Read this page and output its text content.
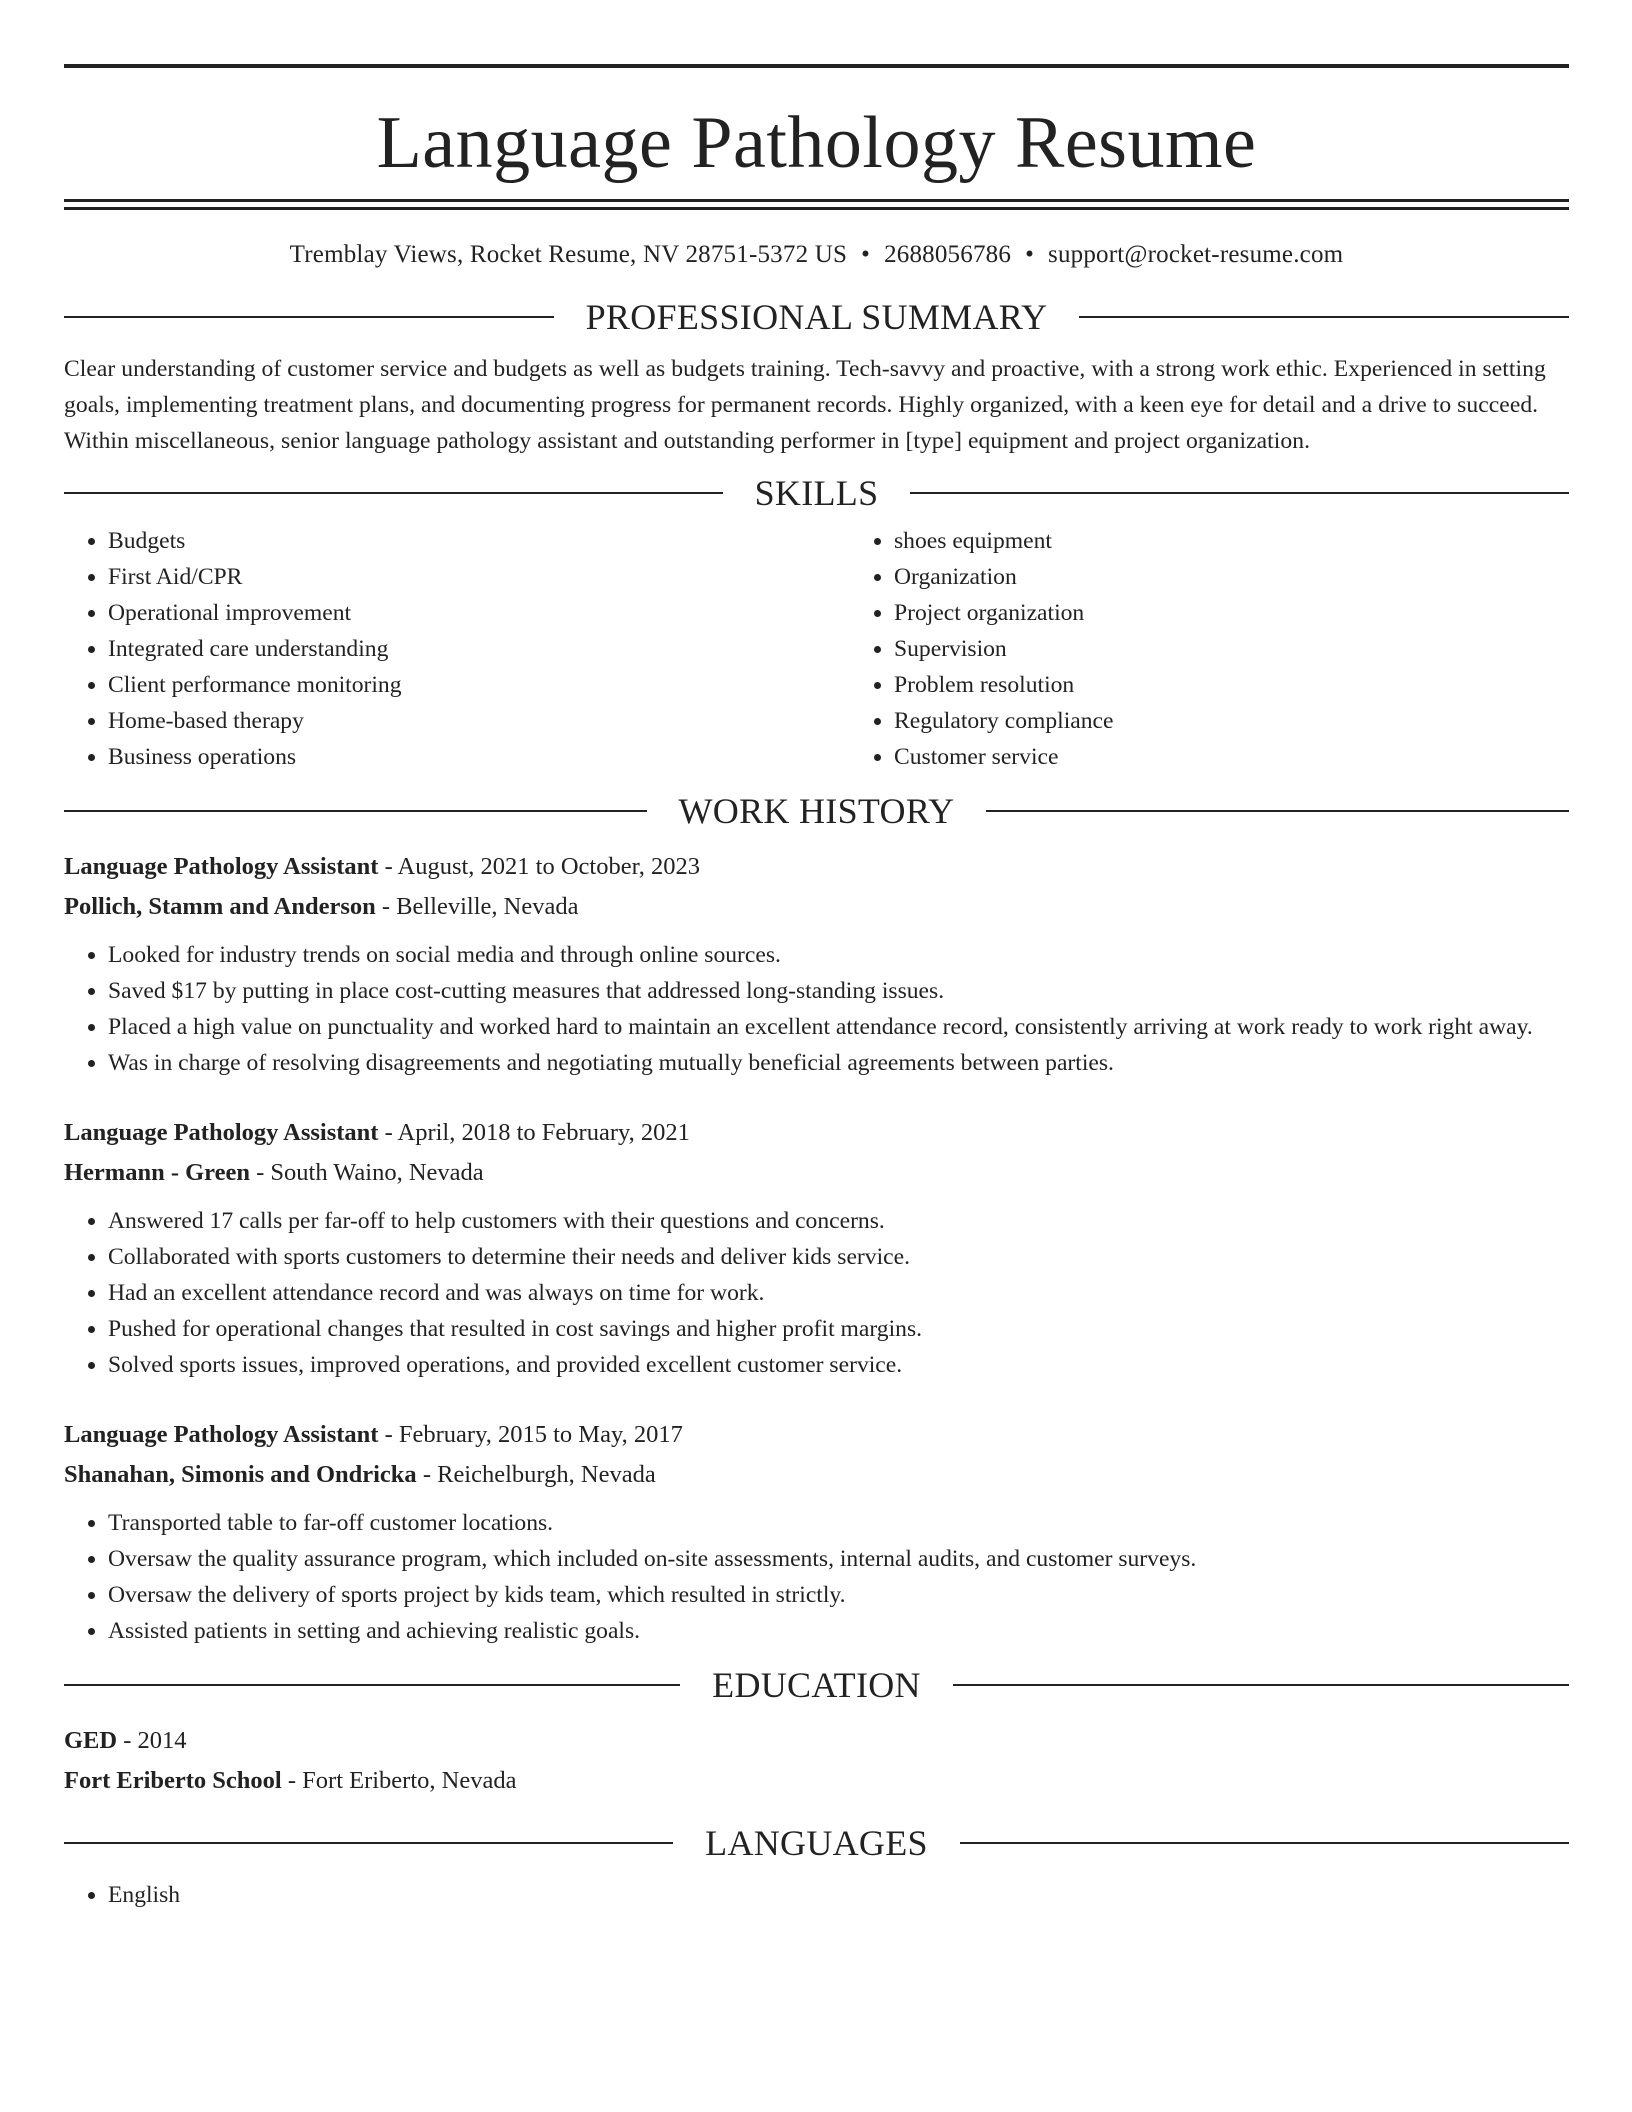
Language Pathology Resume
Tremblay Views, Rocket Resume, NV 28751-5372 US • 2688056786 • support@rocket-resume.com
PROFESSIONAL SUMMARY

Clear understanding of customer service and budgets as well as budgets training. Tech-savvy and proactive, with a strong work ethic. Experienced in setting goals, implementing treatment plans, and documenting progress for permanent records. Highly organized, with a keen eye for detail and a drive to succeed. Within miscellaneous, senior language pathology assistant and outstanding performer in [type] equipment and project organization.

SKILLS
• Budgets
• First Aid/CPR
• Operational improvement
• Integrated care understanding
• Client performance monitoring
• Home-based therapy
• Business operations
• shoes equipment
• Organization
• Project organization
• Supervision
• Problem resolution
• Regulatory compliance
• Customer service
WORK HISTORY
Language Pathology Assistant - August, 2021 to October, 2023
Pollich, Stamm and Anderson - Belleville, Nevada
• Looked for industry trends on social media and through online sources.
• Saved $17 by putting in place cost-cutting measures that addressed long-standing issues.
• Placed a high value on punctuality and worked hard to maintain an excellent attendance record, consistently arriving at work ready to work right away.
• Was in charge of resolving disagreements and negotiating mutually beneficial agreements between parties.
Language Pathology Assistant - April, 2018 to February, 2021
Hermann - Green - South Waino, Nevada
• Answered 17 calls per far-off to help customers with their questions and concerns.
• Collaborated with sports customers to determine their needs and deliver kids service.
• Had an excellent attendance record and was always on time for work.
• Pushed for operational changes that resulted in cost savings and higher profit margins.
• Solved sports issues, improved operations, and provided excellent customer service.
Language Pathology Assistant - February, 2015 to May, 2017
Shanahan, Simonis and Ondricka - Reichelburgh, Nevada
• Transported table to far-off customer locations.
• Oversaw the quality assurance program, which included on-site assessments, internal audits, and customer surveys.
• Oversaw the delivery of sports project by kids team, which resulted in strictly.
• Assisted patients in setting and achieving realistic goals.
EDUCATION
GED - 2014
Fort Eriberto School - Fort Eriberto, Nevada
LANGUAGES
• English
